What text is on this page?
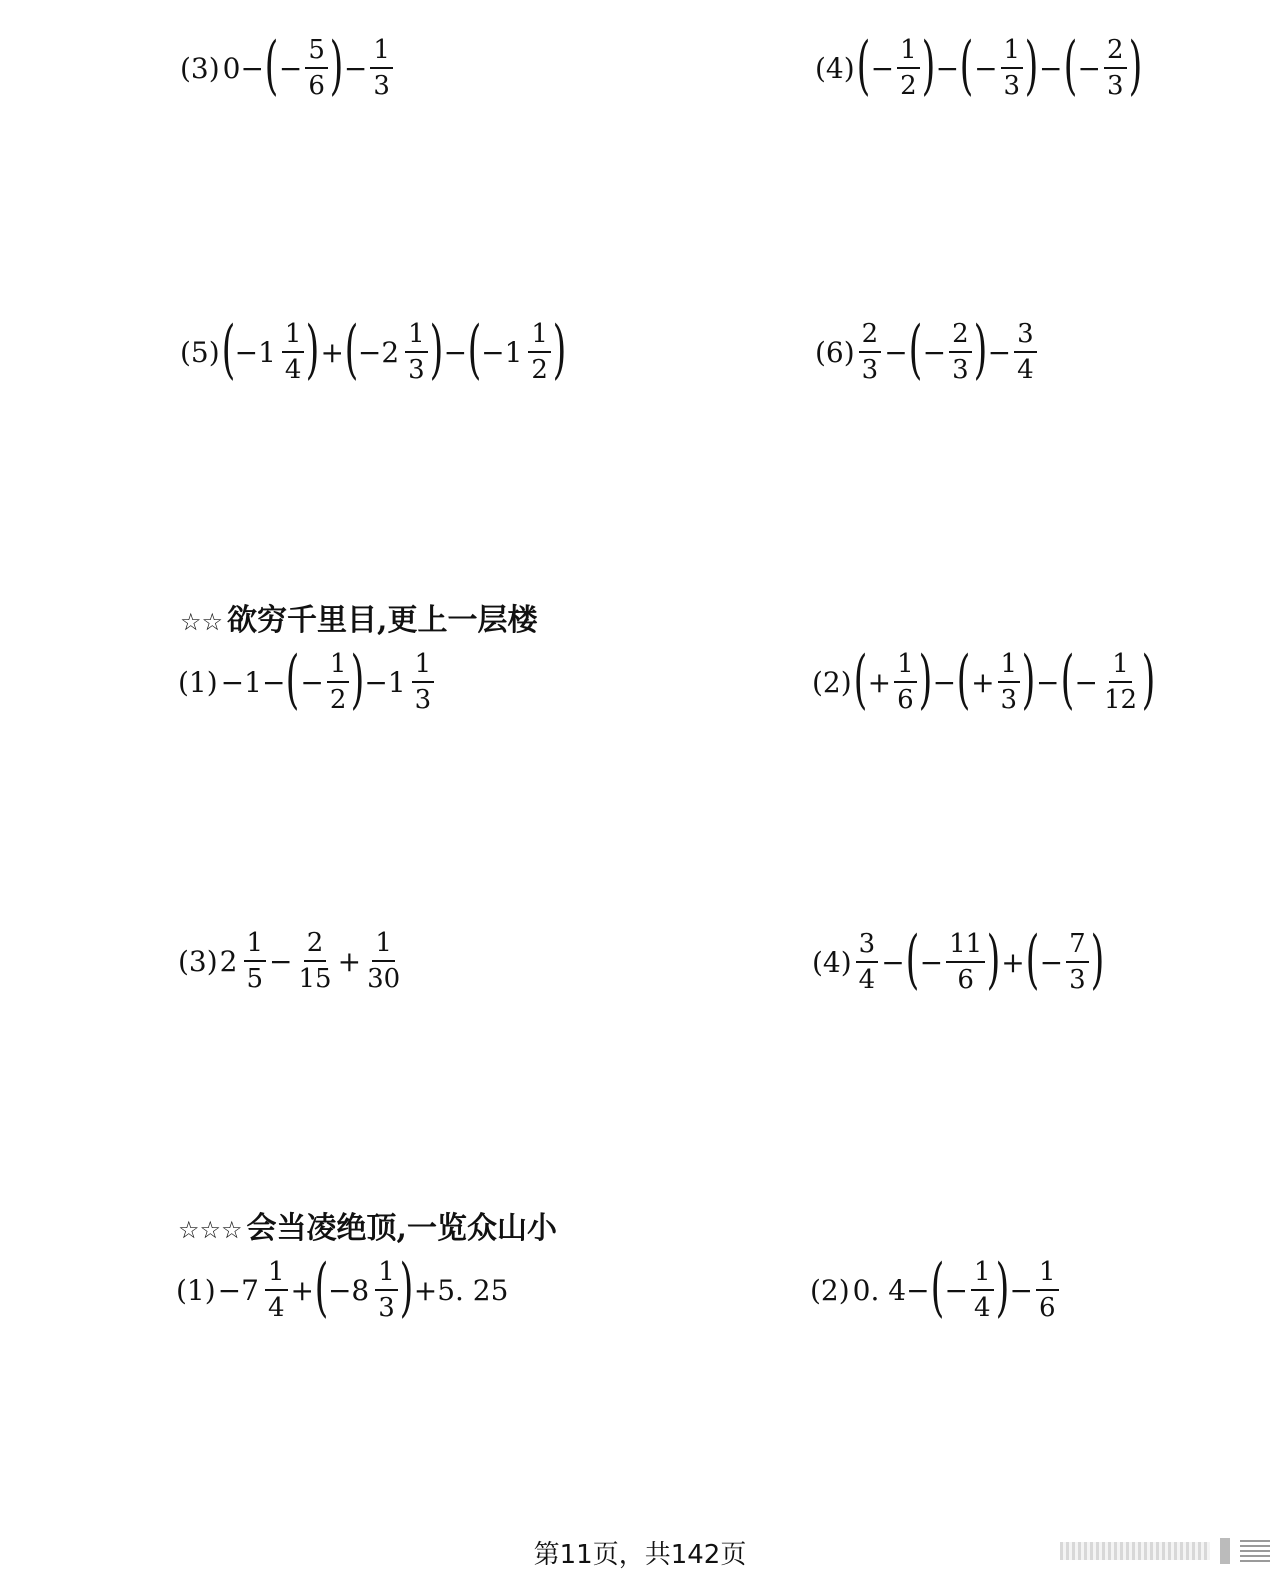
(3) 0− ( − $\frac{5}{6}$ ) − $\frac{1}{3}$	(4) ( − $\frac{1}{2}$ ) − ( − $\frac{1}{3}$ ) − ( − $\frac{2}{3}$ )
(5) ( $-1 \frac{1}{4}$ ) + ( $-2 \frac{1}{3}$ ) − ( $-1 \frac{1}{2}$ )	$(6) \frac{2}{3}$ − ( − $\frac{2}{3}$ ) − $\frac{3}{4}$
☆☆ 欲穷千里目,更上一层楼
(1) −1− ( − $\frac{1}{2}$ ) $-1 \frac{1}{3}$	(2) ( + $\frac{1}{6}$ ) − ( + $\frac{1}{3}$ ) − ( − $\frac{1}{12}$ )
(3) $2 \frac{1}{5} - \frac{2}{15} + \frac{1}{30}$	$(4) \frac{3}{4}$ − ( − $\frac{11}{6}$ ) + ( − $\frac{7}{3}$ )
☆☆☆ 会当凌绝顶,一览众山小
$(1) -7 \frac{1}{4}$ + ( $-8 \frac{1}{3}$ ) +5. 25	(2) 0. 4− ( − $\frac{1}{4}$ ) − $\frac{1}{6}$
第11页，共142页
